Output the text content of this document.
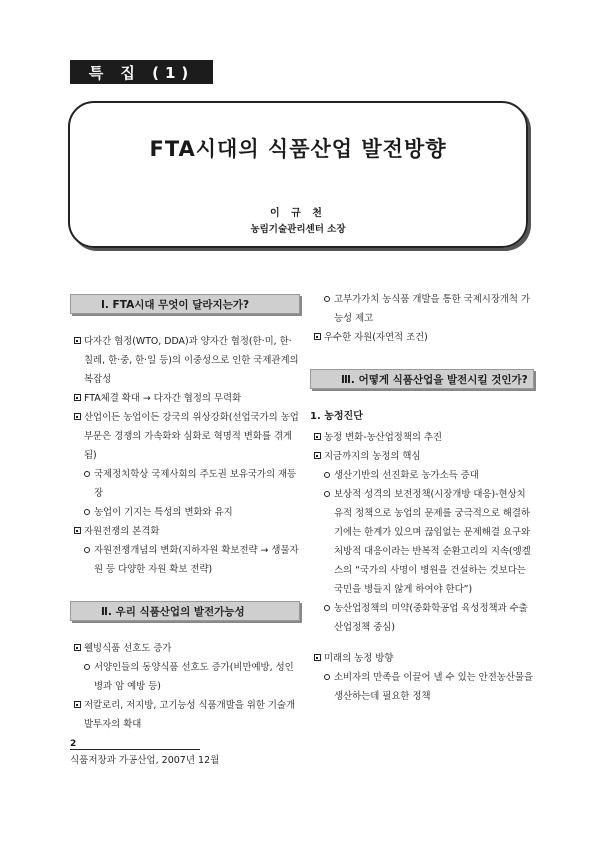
특 집 (1)
FTA시대의 식품산업 발전방향
이 규 천
농림기술관리센터 소장
Ⅰ. FTA시대 무엇이 달라지는가?
다자간 협정(WTO, DDA)과 양자간 협정(한·미, 한·칠레, 한·중, 한·일 등)의 이중성으로 인한 국제관계의 복잡성
FTA체결 확대 → 다자간 협정의 무력화
산업이든 농업이든 강국의 위상강화(선업국가의 농업부문은 경쟁의 가속화와 심화로 혁명적 변화를 겪게 됨)
국제정치학상 국제사회의 주도권 보유국가의 재등장
농업이 기지는 특성의 변화와 유지
자원전쟁의 본격화
자원전쟁개념의 변화(지하자원 확보전략 → 생물자원 등 다양한 자원 확보 전략)
Ⅱ. 우리 식품산업의 발전가능성
웰빙식품 선호도 증가
서양인들의 동양식품 선호도 증가(비만예방, 성인병과 암 예방 등)
저칼로리, 저지방, 고기능성 식품개발을 위한 기술개발투자의 확대
고부가가치 농식품 개발을 통한 국제시장개척 가능성 제고
우수한 자원(자연적 조건)
Ⅲ. 어떻게 식품산업을 발전시킬 것인가?
1. 농정진단
농정 변화-농산업정책의 추진
지금까지의 농정의 핵심
생산기반의 선진화로 농가소득 증대
보상적 성격의 보전정책(시장개방 대응)-현상치유적 정책으로 농업의 문제를 궁극적으로 해결하기에는 한계가 있으며 끊임없는 문제해결 요구와 처방적 대응이라는 반복적 순환고리의 지속(엥겔스의 “국가의 사명이 병원을 건설하는 것보다는 국민을 병들지 않게 하여야 한다”)
농산업정책의 미약(중화학공업 육성정책과 수출산업정책 중심)
미래의 농정 방향
소비자의 만족을 이끌어 낼 수 있는 안전농산물을 생산하는데 필요한 정책
2
식품저장과 가공산업, 2007년 12월
